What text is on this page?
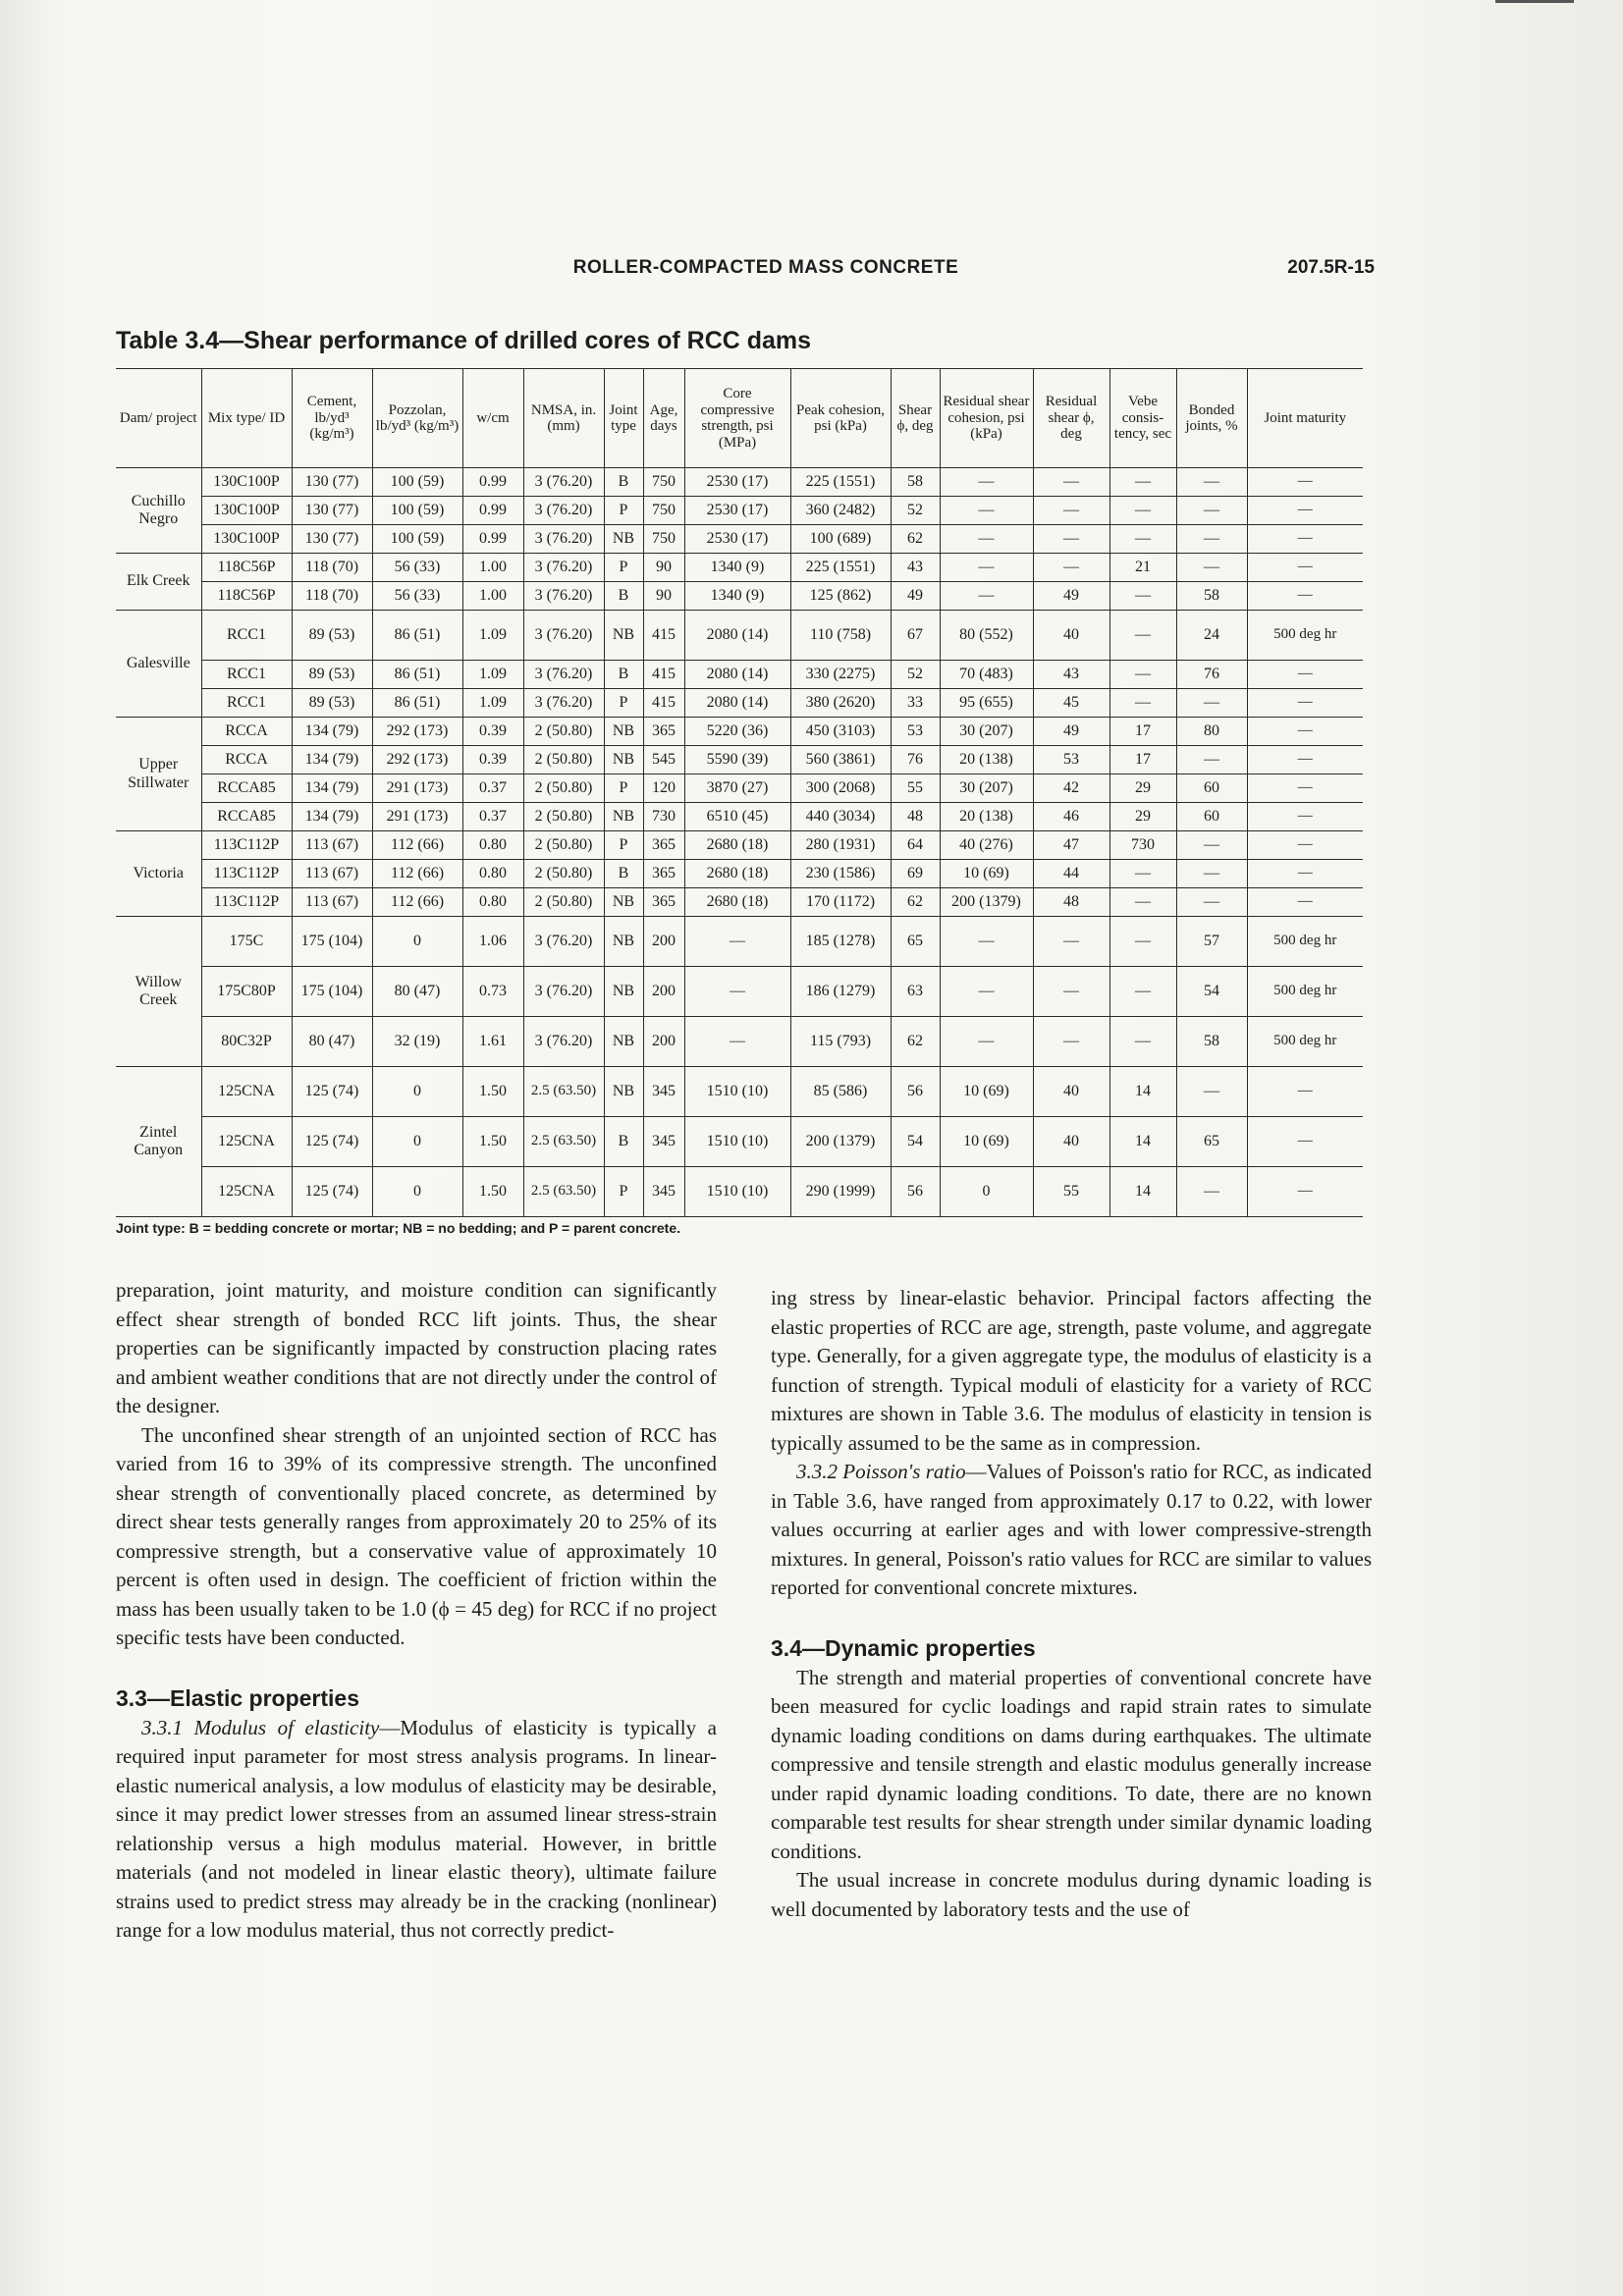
ROLLER-COMPACTED MASS CONCRETE	207.5R-15
Table 3.4—Shear performance of drilled cores of RCC dams
Dam/ project	Mix type/ ID	Cement, lb/yd³ (kg/m³)	Pozzolan, lb/yd³ (kg/m³)	w/cm	NMSA, in. (mm)	Joint type	Age, days	Core compressive strength, psi (MPa)	Peak cohesion, psi (kPa)	Shear ϕ, deg	Residual shear cohesion, psi (kPa)	Residual shear ϕ, deg	Vebe consis- tency, sec	Bonded joints, %	Joint maturity
Cuchillo Negro	130C100P	130 (77)	100 (59)	0.99	3 (76.20)	B	750	2530 (17)	225 (1551)	58	—	—	—	—	—
	130C100P	130 (77)	100 (59)	0.99	3 (76.20)	P	750	2530 (17)	360 (2482)	52	—	—	—	—	—
	130C100P	130 (77)	100 (59)	0.99	3 (76.20)	NB	750	2530 (17)	100 (689)	62	—	—	—	—	—
Elk Creek	118C56P	118 (70)	56 (33)	1.00	3 (76.20)	P	90	1340 (9)	225 (1551)	43	—	—	21	—	—
	118C56P	118 (70)	56 (33)	1.00	3 (76.20)	B	90	1340 (9)	125 (862)	49	—	49	—	58	—
Galesville	RCC1	89 (53)	86 (51)	1.09	3 (76.20)	NB	415	2080 (14)	110 (758)	67	80 (552)	40	—	24	500 deg hr
	RCC1	89 (53)	86 (51)	1.09	3 (76.20)	B	415	2080 (14)	330 (2275)	52	70 (483)	43	—	76	—
	RCC1	89 (53)	86 (51)	1.09	3 (76.20)	P	415	2080 (14)	380 (2620)	33	95 (655)	45	—	—	—
Upper Stillwater	RCCA	134 (79)	292 (173)	0.39	2 (50.80)	NB	365	5220 (36)	450 (3103)	53	30 (207)	49	17	80	—
	RCCA	134 (79)	292 (173)	0.39	2 (50.80)	NB	545	5590 (39)	560 (3861)	76	20 (138)	53	17	—	—
	RCCA85	134 (79)	291 (173)	0.37	2 (50.80)	P	120	3870 (27)	300 (2068)	55	30 (207)	42	29	60	—
	RCCA85	134 (79)	291 (173)	0.37	2 (50.80)	NB	730	6510 (45)	440 (3034)	48	20 (138)	46	29	60	—
Victoria	113C112P	113 (67)	112 (66)	0.80	2 (50.80)	P	365	2680 (18)	280 (1931)	64	40 (276)	47	730	—	—
	113C112P	113 (67)	112 (66)	0.80	2 (50.80)	B	365	2680 (18)	230 (1586)	69	10 (69)	44	—	—	—
	113C112P	113 (67)	112 (66)	0.80	2 (50.80)	NB	365	2680 (18)	170 (1172)	62	200 (1379)	48	—	—	—
Willow Creek	175C	175 (104)	0	1.06	3 (76.20)	NB	200	—	185 (1278)	65	—	—	—	57	500 deg hr
	175C80P	175 (104)	80 (47)	0.73	3 (76.20)	NB	200	—	186 (1279)	63	—	—	—	54	500 deg hr
	80C32P	80 (47)	32 (19)	1.61	3 (76.20)	NB	200	—	115 (793)	62	—	—	—	58	500 deg hr
Zintel Canyon	125CNA	125 (74)	0	1.50	2.5 (63.50)	NB	345	1510 (10)	85 (586)	56	10 (69)	40	14	—	—
	125CNA	125 (74)	0	1.50	2.5 (63.50)	B	345	1510 (10)	200 (1379)	54	10 (69)	40	14	65	—
	125CNA	125 (74)	0	1.50	2.5 (63.50)	P	345	1510 (10)	290 (1999)	56	0	55	14	—	—
Joint type: B = bedding concrete or mortar; NB = no bedding; and P = parent concrete.

preparation, joint maturity, and moisture condition can significantly effect shear strength of bonded RCC lift joints. Thus, the shear properties can be significantly impacted by construction placing rates and ambient weather conditions that are not directly under the control of the designer.

The unconfined shear strength of an unjointed section of RCC has varied from 16 to 39% of its compressive strength. The unconfined shear strength of conventionally placed concrete, as determined by direct shear tests generally ranges from approximately 20 to 25% of its compressive strength, but a conservative value of approximately 10 percent is often used in design. The coefficient of friction within the mass has been usually taken to be 1.0 (ϕ = 45 deg) for RCC if no project specific tests have been conducted.

3.3—Elastic properties

3.3.1 Modulus of elasticity—Modulus of elasticity is typically a required input parameter for most stress analysis programs. In linear-elastic numerical analysis, a low modulus of elasticity may be desirable, since it may predict lower stresses from an assumed linear stress-strain relationship versus a high modulus material. However, in brittle materials (and not modeled in linear elastic theory), ultimate failure strains used to predict stress may already be in the cracking (nonlinear) range for a low modulus material, thus not correctly predict-

ing stress by linear-elastic behavior. Principal factors affecting the elastic properties of RCC are age, strength, paste volume, and aggregate type. Generally, for a given aggregate type, the modulus of elasticity is a function of strength. Typical moduli of elasticity for a variety of RCC mixtures are shown in Table 3.6. The modulus of elasticity in tension is typically assumed to be the same as in compression.

3.3.2 Poisson's ratio—Values of Poisson's ratio for RCC, as indicated in Table 3.6, have ranged from approximately 0.17 to 0.22, with lower values occurring at earlier ages and with lower compressive-strength mixtures. In general, Poisson's ratio values for RCC are similar to values reported for conventional concrete mixtures.

3.4—Dynamic properties

The strength and material properties of conventional concrete have been measured for cyclic loadings and rapid strain rates to simulate dynamic loading conditions on dams during earthquakes. The ultimate compressive and tensile strength and elastic modulus generally increase under rapid dynamic loading conditions. To date, there are no known comparable test results for shear strength under similar dynamic loading conditions.

The usual increase in concrete modulus during dynamic loading is well documented by laboratory tests and the use of
